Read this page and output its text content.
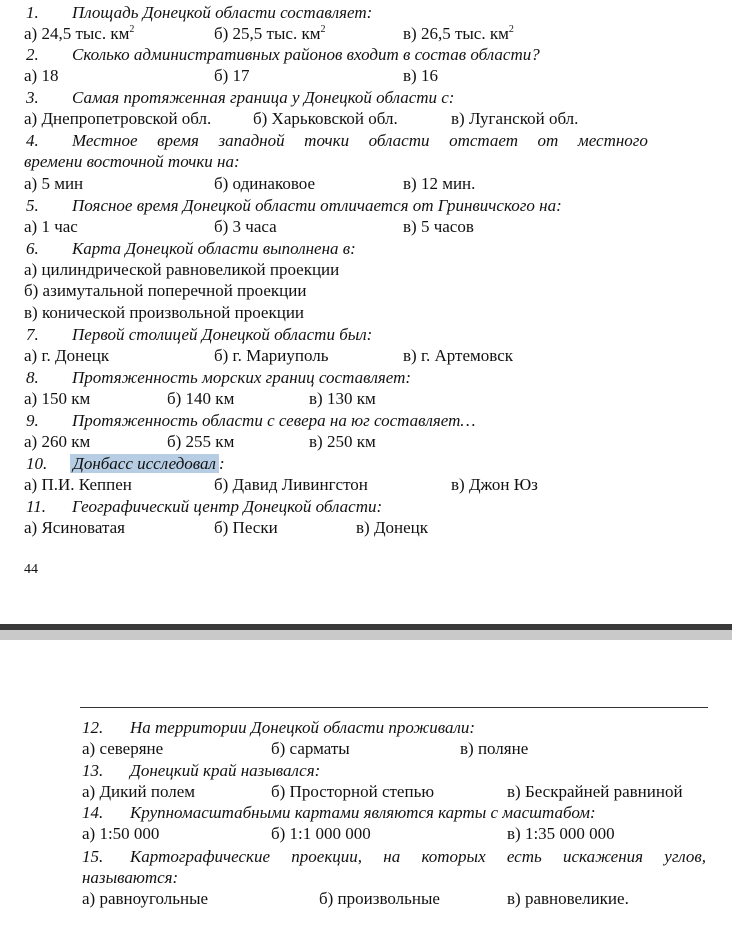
1. Площадь Донецкой области составляет:
а) 24,5 тыс. $км^2$	б) 25,5 тыс. $км^2$	в) 26,5 тыс. $км^2$
2. Сколько административных районов входит в состав области?
а) 18	б) 17	в) 16
3. Самая протяженная граница у Донецкой области с:
а) Днепропетровской обл. б) Харьковской обл.	в) Луганской обл.
4. Местное время западной точки области отстает от местного
времени восточной точки на:
а) 5 мин	б) одинаковое	в) 12 мин.
5. Поясное время Донецкой области отличается от Гринвичского на:
а) 1 час	б) 3 часа	в) 5 часов
6. Карта Донецкой области выполнена в:
а) цилиндрической равновеликой проекции
б) азимутальной поперечной проекции
в) конической произвольной проекции
7. Первой столицей Донецкой области был:
а) г. Донецк	б) г. Мариуполь	в) г. Артемовск
8. Протяженность морских границ составляет:
а) 150 км	б) 140 км	в) 130 км
9. Протяженность области с севера на юг составляет…
а) 260 км	б) 255 км	в) 250 км
10. Донбасс исследовал :
а) П.И. Кеппен	б) Давид Ливингстон	в) Джон Юз
11. Географический центр Донецкой области:
а) Ясиноватая	б) Пески	в) Донецк
44
12. На территории Донецкой области проживали:
а) северяне	б) сарматы	в) поляне
13. Донецкий край назывался:
а) Дикий полем	б) Просторной степью	в) Бескрайней равниной
14. Крупномасштабными картами являются карты с масштабом:
а) 1:50 000	б) 1:1 000 000	в) 1:35 000 000
15. Картографические проекции, на которых есть искажения углов,
называются:
а) равноугольные	б) произвольные	в) равновеликие.
